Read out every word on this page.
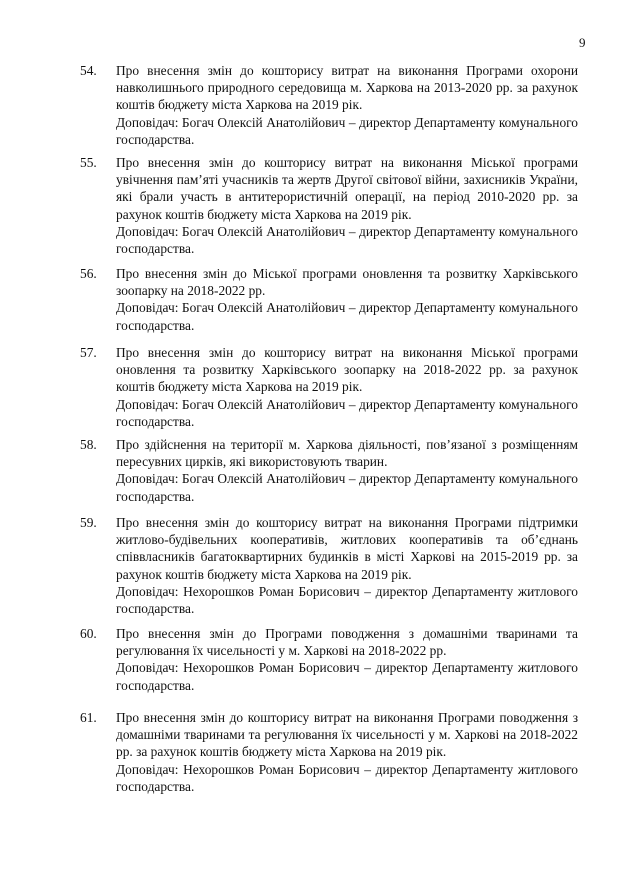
9
54.	Про внесення змін до кошторису витрат на виконання Програми охорони навколишнього природного середовища м. Харкова на 2013-2020 рр. за рахунок коштів бюджету міста Харкова на 2019 рік.

Доповідач: Богач Олексій Анатолійович – директор Департаменту комунального господарства.

55.	Про внесення змін до кошторису витрат на виконання Міської програми увічнення пам’яті учасників та жертв Другої світової війни, захисників України, які брали участь в антитерористичній операції, на період 2010-2020 рр. за рахунок коштів бюджету міста Харкова на 2019 рік.

Доповідач: Богач Олексій Анатолійович – директор Департаменту комунального господарства.

56.	Про внесення змін до Міської програми оновлення та розвитку Харківського зоопарку на 2018-2022 рр.

Доповідач: Богач Олексій Анатолійович – директор Департаменту комунального господарства.

57.	Про внесення змін до кошторису витрат на виконання Міської програми оновлення та розвитку Харківського зоопарку на 2018-2022 рр. за рахунок коштів бюджету міста Харкова на 2019 рік.

Доповідач: Богач Олексій Анатолійович – директор Департаменту комунального господарства.

58.	Про здійснення на території м. Харкова діяльності, пов’язаної з розміщенням пересувних цирків, які використовують тварин.

Доповідач: Богач Олексій Анатолійович – директор Департаменту комунального господарства.

59.	Про внесення змін до кошторису витрат на виконання Програми підтримки житлово-будівельних кооперативів, житлових кооперативів та об’єднань співвласників багатоквартирних будинків в місті Харкові на 2015-2019 рр. за рахунок коштів бюджету міста Харкова на 2019 рік.

Доповідач: Нехорошков Роман Борисович – директор Департаменту житлового господарства.

60.	Про внесення змін до Програми поводження з домашніми тваринами та регулювання їх чисельності у м. Харкові на 2018-2022 рр.

Доповідач: Нехорошков Роман Борисович – директор Департаменту житлового господарства.

61.	Про внесення змін до кошторису витрат на виконання Програми поводження з домашніми тваринами та регулювання їх чисельності у м. Харкові на 2018-2022 рр. за рахунок коштів бюджету міста Харкова на 2019 рік.

Доповідач: Нехорошков Роман Борисович – директор Департаменту житлового господарства.
